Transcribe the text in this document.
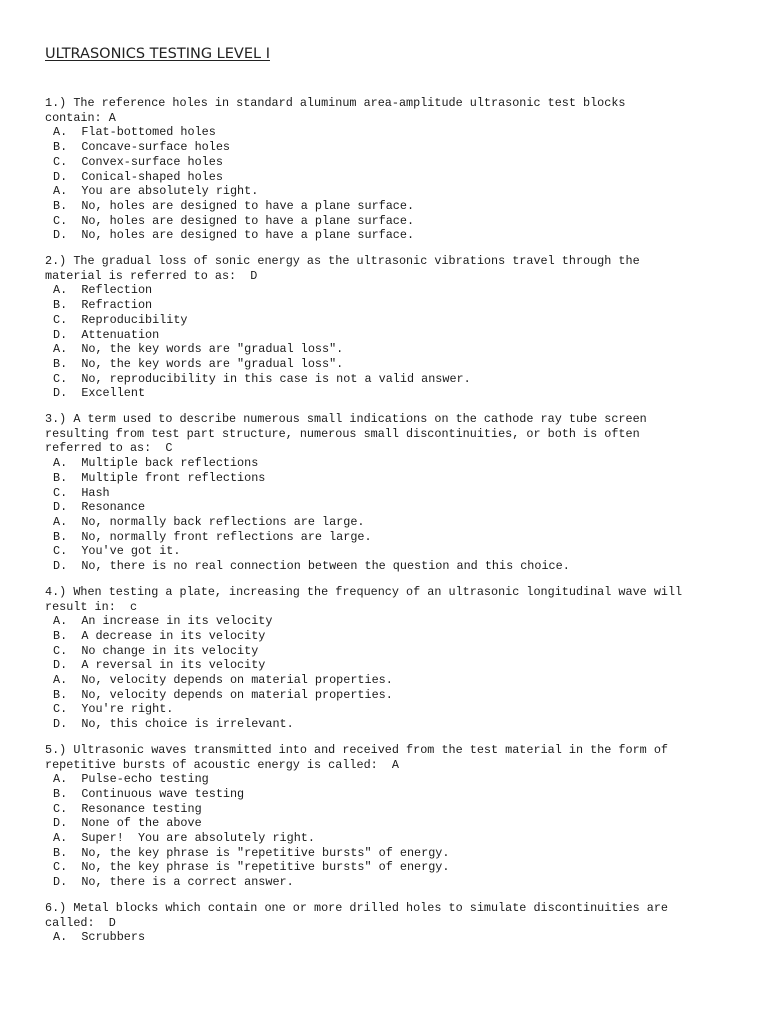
ULTRASONICS TESTING LEVEL I
1.) The reference holes in standard aluminum area-amplitude ultrasonic test blocks
contain: A
A.  Flat-bottomed holes
B.  Concave-surface holes
C.  Convex-surface holes
D.  Conical-shaped holes
A.  You are absolutely right.
B.  No, holes are designed to have a plane surface.
C.  No, holes are designed to have a plane surface.
D.  No, holes are designed to have a plane surface.
2.) The gradual loss of sonic energy as the ultrasonic vibrations travel through the
material is referred to as:  D
A.  Reflection
B.  Refraction
C.  Reproducibility
D.  Attenuation
A.  No, the key words are "gradual loss".
B.  No, the key words are "gradual loss".
C.  No, reproducibility in this case is not a valid answer.
D.  Excellent
3.) A term used to describe numerous small indications on the cathode ray tube screen
resulting from test part structure, numerous small discontinuities, or both is often
referred to as:  C
A.  Multiple back reflections
B.  Multiple front reflections
C.  Hash
D.  Resonance
A.  No, normally back reflections are large.
B.  No, normally front reflections are large.
C.  You've got it.
D.  No, there is no real connection between the question and this choice.
4.) When testing a plate, increasing the frequency of an ultrasonic longitudinal wave will
result in:  c
A.  An increase in its velocity
B.  A decrease in its velocity
C.  No change in its velocity
D.  A reversal in its velocity
A.  No, velocity depends on material properties.
B.  No, velocity depends on material properties.
C.  You're right.
D.  No, this choice is irrelevant.
5.) Ultrasonic waves transmitted into and received from the test material in the form of
repetitive bursts of acoustic energy is called:  A
A.  Pulse-echo testing
B.  Continuous wave testing
C.  Resonance testing
D.  None of the above
A.  Super!  You are absolutely right.
B.  No, the key phrase is "repetitive bursts" of energy.
C.  No, the key phrase is "repetitive bursts" of energy.
D.  No, there is a correct answer.
6.) Metal blocks which contain one or more drilled holes to simulate discontinuities are
called:  D
A.  Scrubbers
